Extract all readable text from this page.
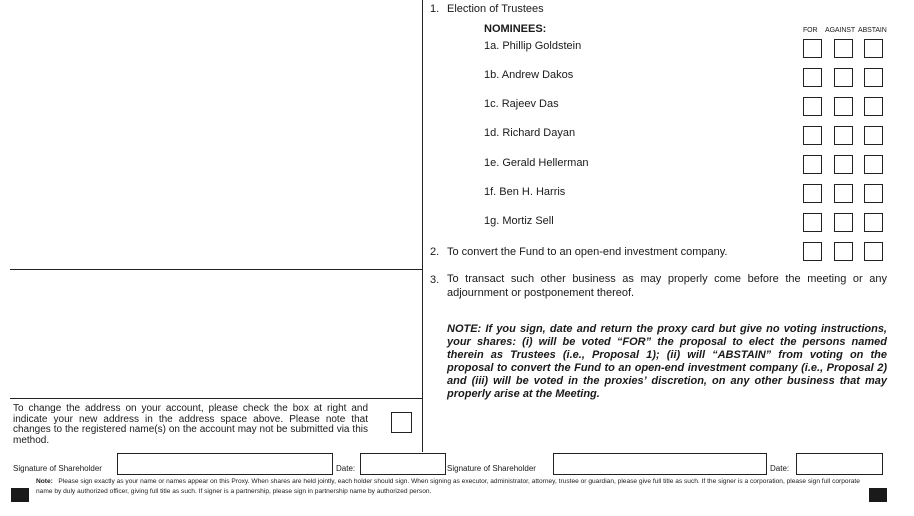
1. Election of Trustees
NOMINEES:	FOR AGAINST ABSTAIN
1a. Phillip Goldstein
1b. Andrew Dakos
1c. Rajeev Das
1d. Richard Dayan
1e. Gerald Hellerman
1f. Ben H. Harris
1g. Mortiz Sell
2. To convert the Fund to an open-end investment company.
3. To transact such other business as may properly come before the meeting or any adjournment or postponement thereof.
NOTE: If you sign, date and return the proxy card but give no voting instructions, your shares: (i) will be voted “FOR” the proposal to elect the persons named therein as Trustees (i.e., Proposal 1); (ii) will “ABSTAIN” from voting on the proposal to convert the Fund to an open-end investment company (i.e., Proposal 2) and (iii) will be voted in the proxies’ discretion, on any other business that may properly arise at the Meeting.
To change the address on your account, please check the box at right and indicate your new address in the address space above. Please note that changes to the registered name(s) on the account may not be submitted via this method.
Signature of Shareholder	Date:	Signature of Shareholder	Date:
Note: Please sign exactly as your name or names appear on this Proxy. When shares are held jointly, each holder should sign. When signing as executor, administrator, attorney, trustee or guardian, please give full title as such. If the signer is a corporation, please sign full corporate name by duly authorized officer, giving full title as such. If signer is a partnership, please sign in partnership name by authorized person.
